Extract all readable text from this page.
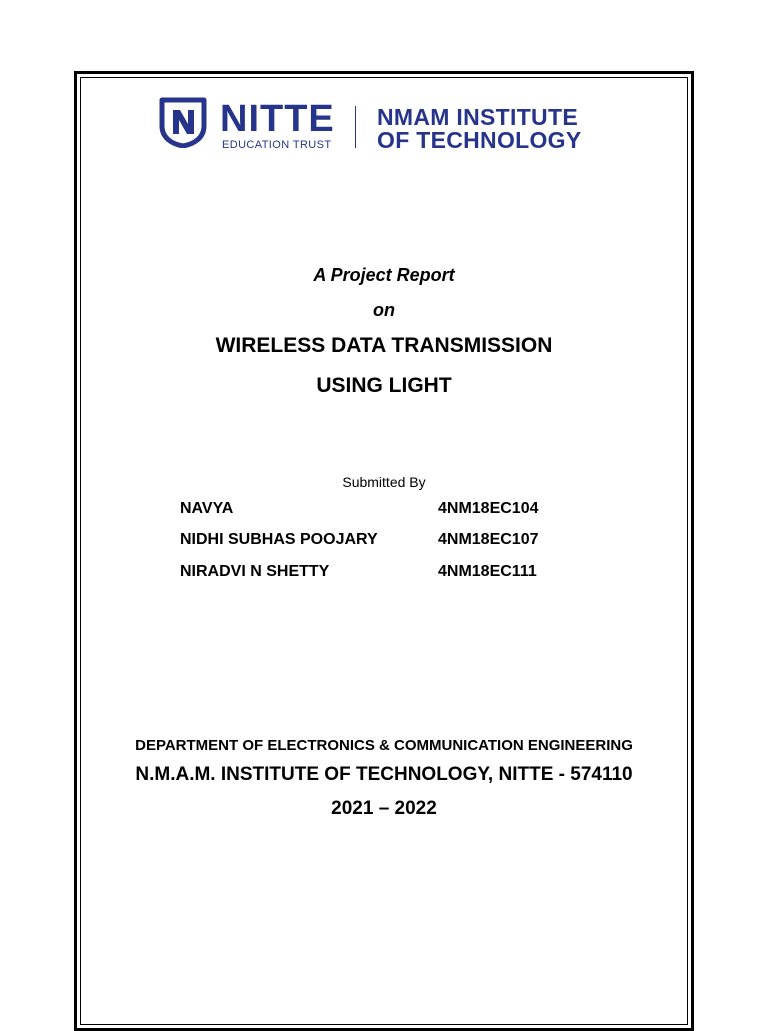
NITTE
EDUCATION TRUST
NMAM INSTITUTE
OF TECHNOLOGY
A Project Report
on
WIRELESS DATA TRANSMISSION
USING LIGHT
Submitted By
NAVYA	4NM18EC104
NIDHI SUBHAS POOJARY	4NM18EC107
NIRADVI N SHETTY	4NM18EC111
DEPARTMENT OF ELECTRONICS & COMMUNICATION ENGINEERING
N.M.A.M. INSTITUTE OF TECHNOLOGY, NITTE - 574110
2021 – 2022
